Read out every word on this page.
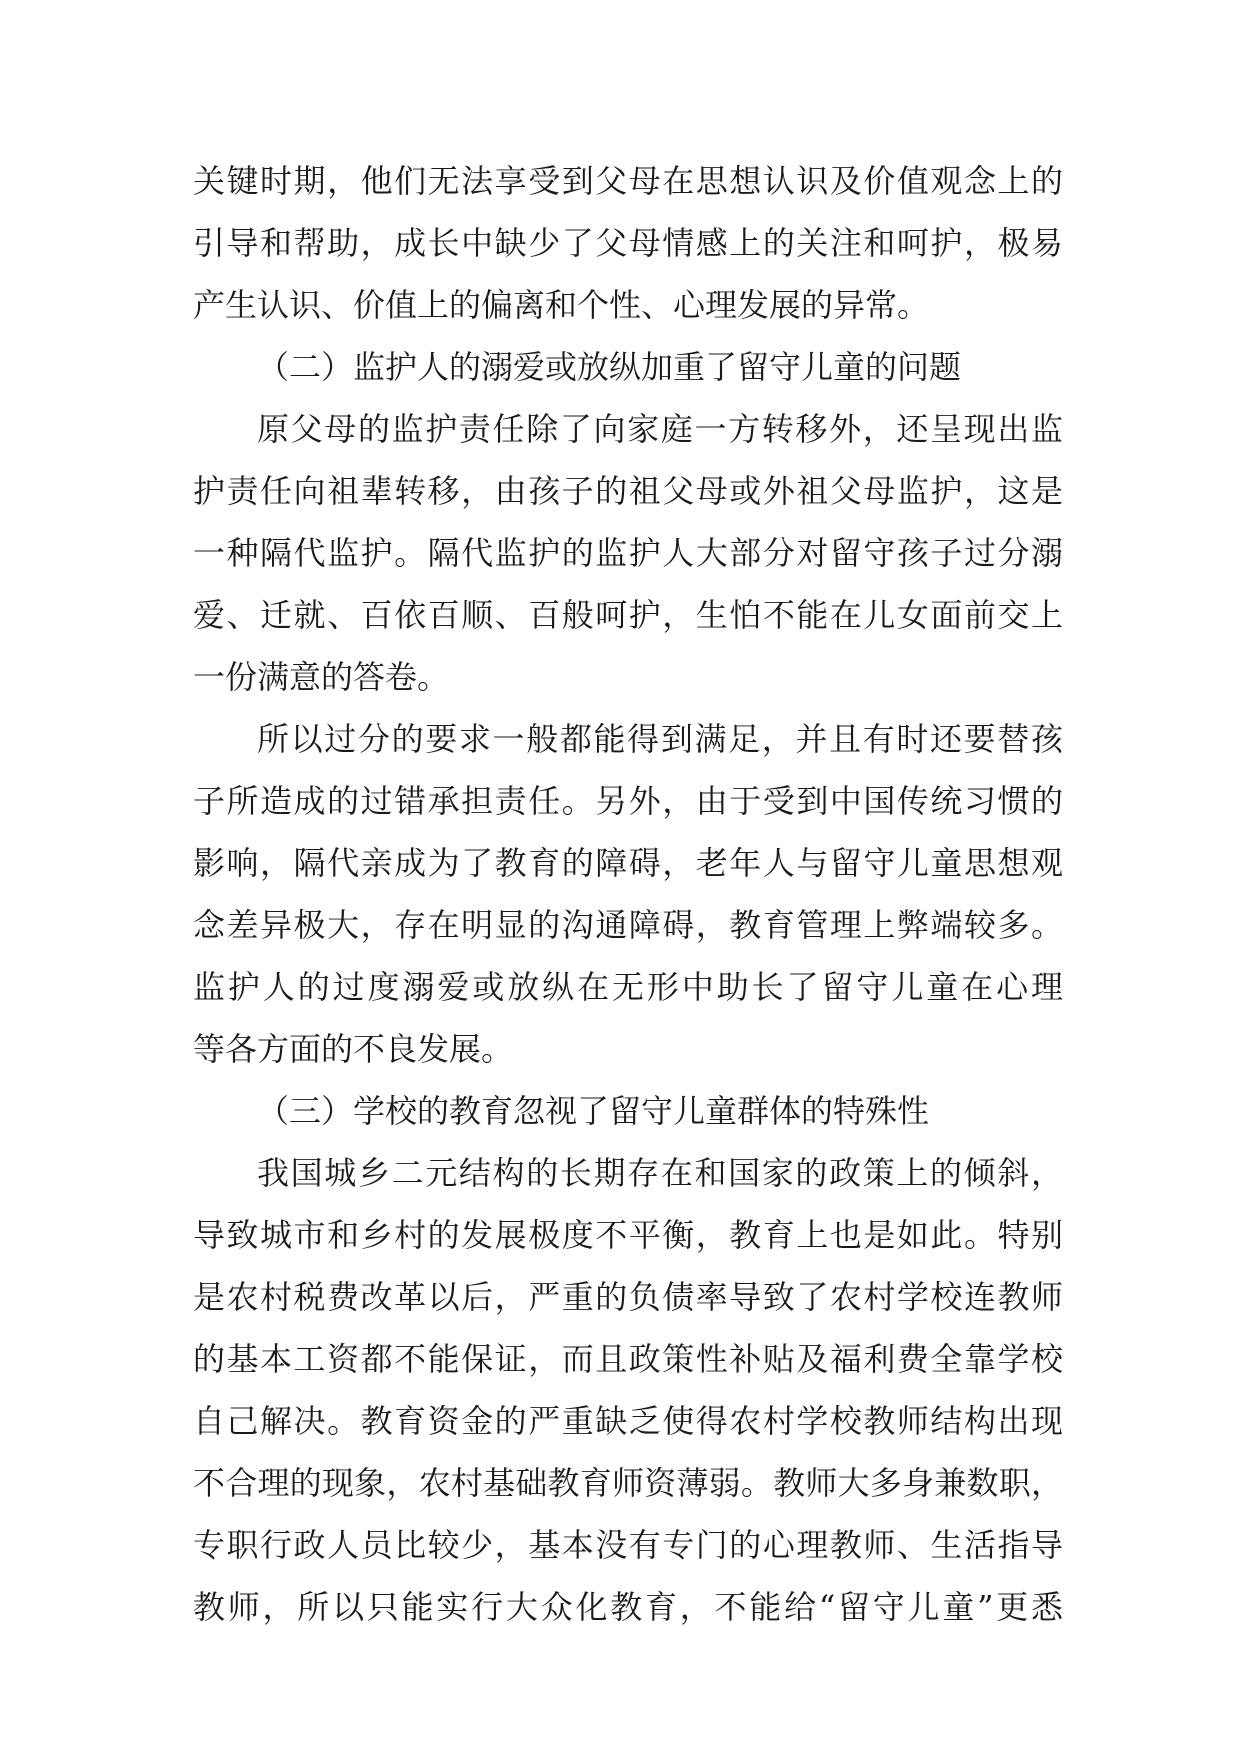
关键时期，他们无法享受到父母在思想认识及价值观念上的
引导和帮助，成长中缺少了父母情感上的关注和呵护，极易
产生认识、价值上的偏离和个性、心理发展的异常。
（二）监护人的溺爱或放纵加重了留守儿童的问题
原父母的监护责任除了向家庭一方转移外，还呈现出监
护责任向祖辈转移，由孩子的祖父母或外祖父母监护，这是
一种隔代监护。隔代监护的监护人大部分对留守孩子过分溺
爱、迁就、百依百顺、百般呵护，生怕不能在儿女面前交上
一份满意的答卷。
所以过分的要求一般都能得到满足，并且有时还要替孩
子所造成的过错承担责任。另外，由于受到中国传统习惯的
影响，隔代亲成为了教育的障碍，老年人与留守儿童思想观
念差异极大，存在明显的沟通障碍，教育管理上弊端较多。
监护人的过度溺爱或放纵在无形中助长了留守儿童在心理
等各方面的不良发展。
（三）学校的教育忽视了留守儿童群体的特殊性
我国城乡二元结构的长期存在和国家的政策上的倾斜，
导致城市和乡村的发展极度不平衡，教育上也是如此。特别
是农村税费改革以后，严重的负债率导致了农村学校连教师
的基本工资都不能保证，而且政策性补贴及福利费全靠学校
自己解决。教育资金的严重缺乏使得农村学校教师结构出现
不合理的现象，农村基础教育师资薄弱。教师大多身兼数职，
专职行政人员比较少，基本没有专门的心理教师、生活指导
教师，所以只能实行大众化教育，不能给“留守儿童”更悉
